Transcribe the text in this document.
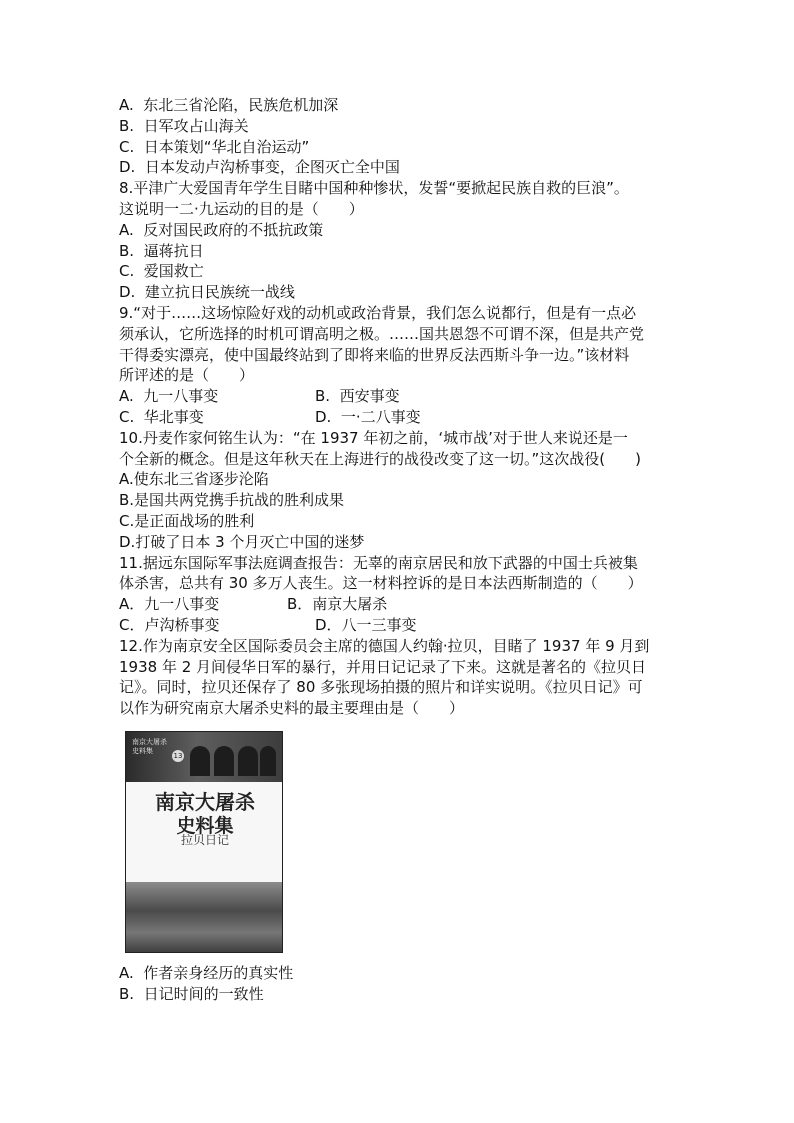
A.  东北三省沦陷，民族危机加深
B.  日军攻占山海关
C.  日本策划“华北自治运动”
D.  日本发动卢沟桥事变，企图灭亡全中国
8.平津广大爱国青年学生目睹中国种种惨状，发誓“要掀起民族自救的巨浪”。
这说明一二·九运动的目的是（　　）
A.  反对国民政府的不抵抗政策
B.  逼蒋抗日
C.  爱国救亡
D.  建立抗日民族统一战线
9.“对于……这场惊险好戏的动机或政治背景，我们怎么说都行，但是有一点必
须承认，它所选择的时机可谓高明之极。……国共恩怨不可谓不深，但是共产党
干得委实漂亮，使中国最终站到了即将来临的世界反法西斯斗争一边。”该材料
所评述的是（　　）
A.  九一八事变	B.  西安事变
C.  华北事变	D.  一·二八事变
10.丹麦作家何铭生认为：“在 1937 年初之前，‘城市战’对于世人来说还是一
个全新的概念。但是这年秋天在上海进行的战役改变了这一切。”这次战役(　　)
A.使东北三省逐步沦陷
B.是国共两党携手抗战的胜利成果
C.是正面战场的胜利
D.打破了日本 3 个月灭亡中国的迷梦
11.据远东国际军事法庭调查报告：无辜的南京居民和放下武器的中国士兵被集
体杀害，总共有 30 多万人丧生。这一材料控诉的是日本法西斯制造的（　　）
A．九一八事变	B．南京大屠杀
C．卢沟桥事变	D．八一三事变
12.作为南京安全区国际委员会主席的德国人约翰·拉贝，目睹了 1937 年 9 月到
1938 年 2 月间侵华日军的暴行，并用日记记录了下来。这就是著名的《拉贝日
记》。同时，拉贝还保存了 80 多张现场拍摄的照片和详实说明。《拉贝日记》可
以作为研究南京大屠杀史料的最主要理由是（　　）
南京大屠杀史料集
13
南京大屠杀
史料集
拉贝日记
A.  作者亲身经历的真实性
B.  日记时间的一致性
